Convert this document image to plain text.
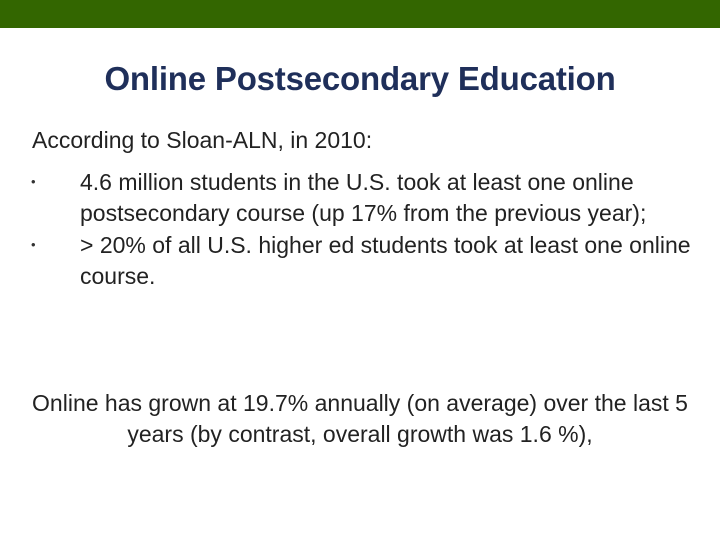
Online Postsecondary Education
According to Sloan-ALN, in 2010:
• 4.6 million students in the U.S. took at least one online postsecondary course (up 17% from the previous year);
• > 20% of all U.S. higher ed students took at least one online course.
Online has grown at 19.7% annually (on average) over the last 5 years (by contrast, overall growth was 1.6 %),
